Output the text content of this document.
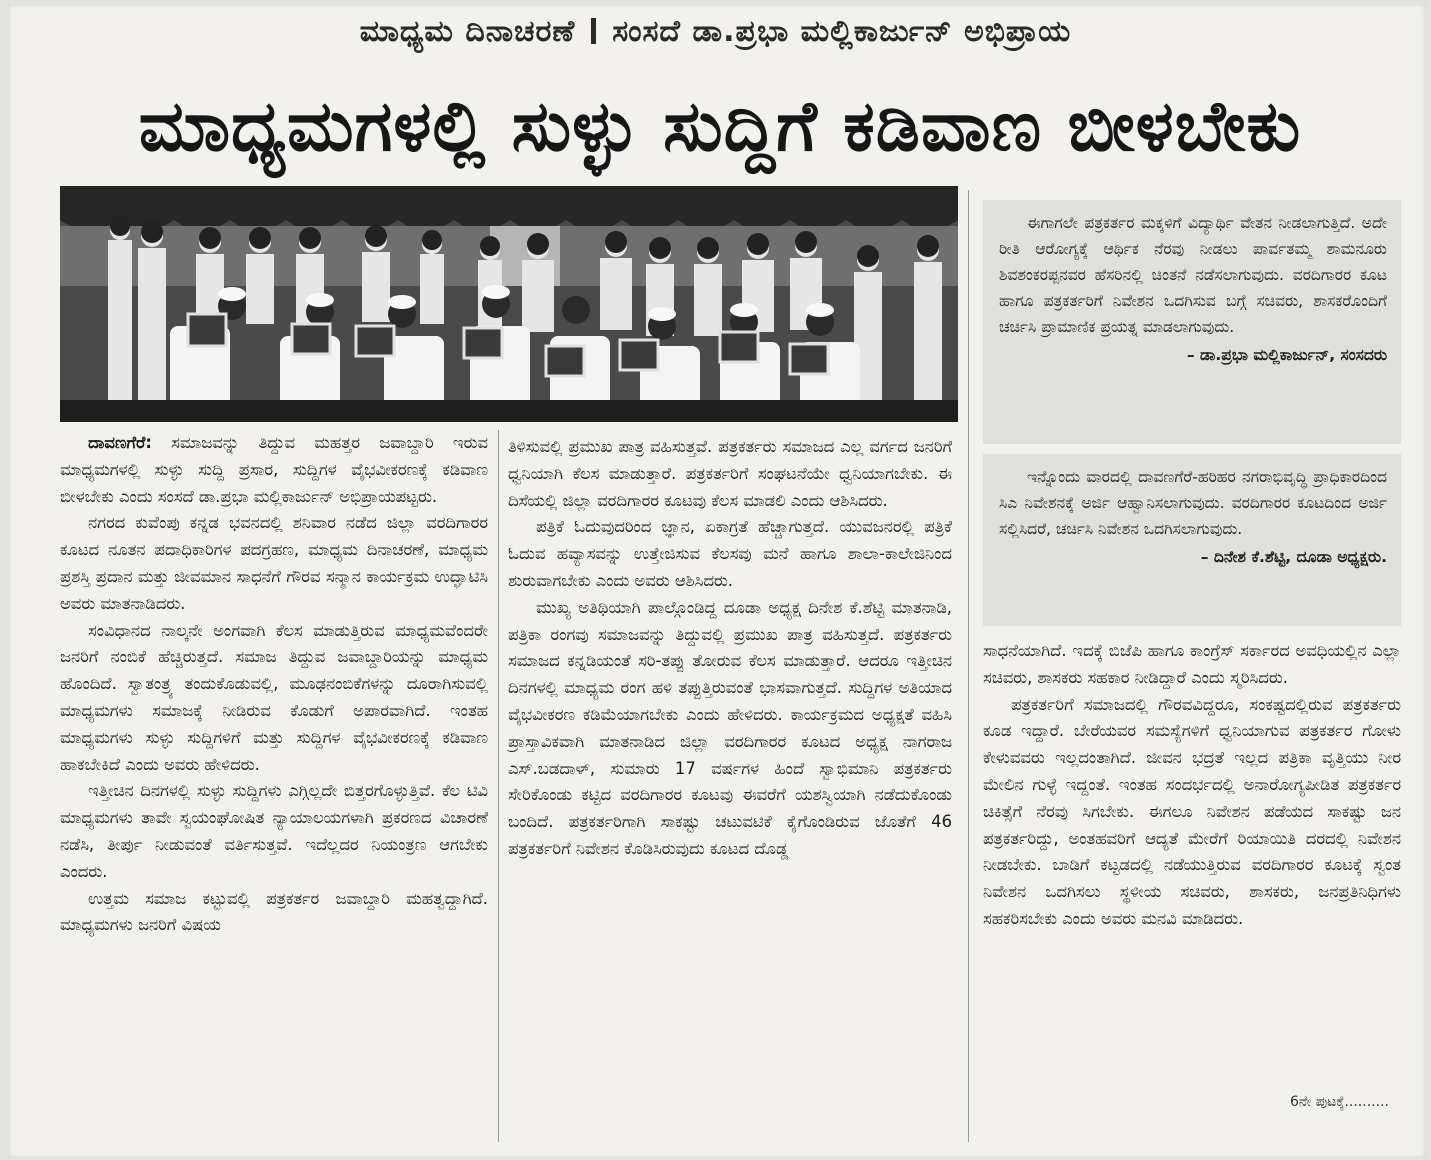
ಮಾಧ್ಯಮ ದಿನಾಚರಣೆ ಸಂಸದೆ ಡಾ.ಪ್ರಭಾ ಮಲ್ಲಿಕಾರ್ಜುನ್ ಅಭಿಪ್ರಾಯ
ಮಾಧ್ಯಮಗಳಲ್ಲಿ ಸುಳ್ಳು ಸುದ್ದಿಗೆ ಕಡಿವಾಣ ಬೀಳಬೇಕು
ಈಗಾಗಲೇ ಪತ್ರಕರ್ತರ ಮಕ್ಕಳಿಗೆ ವಿದ್ಯಾರ್ಥಿ ವೇತನ ನೀಡಲಾಗುತ್ತಿದೆ. ಅದೇ ರೀತಿ ಆರೋಗ್ಯಕ್ಕೆ ಆರ್ಥಿಕ ನೆರವು ನೀಡಲು ಪಾರ್ವತಮ್ಮ ಶಾಮನೂರು ಶಿವಶಂಕರಪ್ಪನವರ ಹೆಸರಿನಲ್ಲಿ ಚಿಂತನೆ ನಡೆಸಲಾಗುವುದು. ವರದಿಗಾರರ ಕೂಟ ಹಾಗೂ ಪತ್ರಕರ್ತರಿಗೆ ನಿವೇಶನ ಒದಗಿಸುವ ಬಗ್ಗೆ ಸಚಿವರು, ಶಾಸಕರೊಂದಿಗೆ ಚರ್ಚಿಸಿ ಪ್ರಾಮಾಣಿಕ ಪ್ರಯತ್ನ ಮಾಡಲಾಗುವುದು.
– ಡಾ.ಪ್ರಭಾ ಮಲ್ಲಿಕಾರ್ಜುನ್, ಸಂಸದರು
ಇನ್ನೊಂದು ವಾರದಲ್ಲಿ ದಾವಣಗೆರೆ-ಹರಿಹರ ನಗರಾಭಿವೃದ್ಧಿ ಪ್ರಾಧಿಕಾರದಿಂದ ಸಿಎ ನಿವೇಶನಕ್ಕೆ ಅರ್ಜಿ ಆಹ್ವಾನಿಸಲಾಗುವುದು. ವರದಿಗಾರರ ಕೂಟದಿಂದ ಅರ್ಜಿ ಸಲ್ಲಿಸಿದರೆ, ಚರ್ಚಿಸಿ ನಿವೇಶನ ಒದಗಿಸಲಾಗುವುದು.
– ದಿನೇಶ ಕೆ.ಶೆಟ್ಟಿ, ದೂಡಾ ಅಧ್ಯಕ್ಷರು.

ದಾವಣಗೆರೆ: ಸಮಾಜವನ್ನು ತಿದ್ದುವ ಮಹತ್ತರ ಜವಾಬ್ದಾರಿ ಇರುವ ಮಾಧ್ಯಮಗಳಲ್ಲಿ ಸುಳ್ಳು ಸುದ್ದಿ ಪ್ರಸಾರ, ಸುದ್ದಿಗಳ ವೈಭವೀಕರಣಕ್ಕೆ ಕಡಿವಾಣ ಬೀಳಬೇಕು ಎಂದು ಸಂಸದೆ ಡಾ.ಪ್ರಭಾ ಮಲ್ಲಿಕಾರ್ಜುನ್ ಅಭಿಪ್ರಾಯಪಟ್ಟರು.

ನಗರದ ಕುವೆಂಪು ಕನ್ನಡ ಭವನದಲ್ಲಿ ಶನಿವಾರ ನಡೆದ ಜಿಲ್ಲಾ ವರದಿಗಾರರ ಕೂಟದ ನೂತನ ಪದಾಧಿಕಾರಿಗಳ ಪದಗ್ರಹಣ, ಮಾಧ್ಯಮ ದಿನಾಚರಣೆ, ಮಾಧ್ಯಮ ಪ್ರಶಸ್ತಿ ಪ್ರದಾನ ಮತ್ತು ಜೀವಮಾನ ಸಾಧನೆಗೆ ಗೌರವ ಸನ್ಮಾನ ಕಾರ್ಯಕ್ರಮ ಉದ್ಘಾಟಿಸಿ ಅವರು ಮಾತನಾಡಿದರು.

ಸಂವಿಧಾನದ ನಾಲ್ಕನೇ ಅಂಗವಾಗಿ ಕೆಲಸ ಮಾಡುತ್ತಿರುವ ಮಾಧ್ಯಮವೆಂದರೇ ಜನರಿಗೆ ನಂಬಿಕೆ ಹೆಚ್ಚಿರುತ್ತದೆ. ಸಮಾಜ ತಿದ್ದುವ ಜವಾಬ್ದಾರಿಯನ್ನು ಮಾಧ್ಯಮ ಹೊಂದಿದೆ. ಸ್ವಾತಂತ್ರ್ಯ ತಂದುಕೊಡುವಲ್ಲಿ, ಮೂಢನಂಬಿಕೆಗಳನ್ನು ದೂರಾಗಿಸುವಲ್ಲಿ ಮಾಧ್ಯಮಗಳು ಸಮಾಜಕ್ಕೆ ನೀಡಿರುವ ಕೊಡುಗೆ ಅಪಾರವಾಗಿದೆ. ಇಂತಹ ಮಾಧ್ಯಮಗಳು ಸುಳ್ಳು ಸುದ್ದಿಗಳಿಗೆ ಮತ್ತು ಸುದ್ದಿಗಳ ವೈಭವೀಕರಣಕ್ಕೆ ಕಡಿವಾಣ ಹಾಕಬೇಕಿದೆ ಎಂದು ಅವರು ಹೇಳಿದರು.

ಇತ್ತೀಚಿನ ದಿನಗಳಲ್ಲಿ ಸುಳ್ಳು ಸುದ್ದಿಗಳು ಎಗ್ಗಿಲ್ಲದೇ ಬಿತ್ತರಗೊಳ್ಳುತ್ತಿವೆ. ಕೆಲ ಟಿವಿ ಮಾಧ್ಯಮಗಳು ತಾವೇ ಸ್ವಯಂಘೋಷಿತ ನ್ಯಾಯಾಲಯಗಳಾಗಿ ಪ್ರಕರಣದ ವಿಚಾರಣೆ ನಡೆಸಿ, ತೀರ್ಪು ನೀಡುವಂತೆ ವರ್ತಿಸುತ್ತವೆ. ಇದೆಲ್ಲದರ ನಿಯಂತ್ರಣ ಆಗಬೇಕು ಎಂದರು.

ಉತ್ತಮ ಸಮಾಜ ಕಟ್ಟುವಲ್ಲಿ ಪತ್ರಕರ್ತರ ಜವಾಬ್ದಾರಿ ಮಹತ್ವದ್ದಾಗಿದೆ. ಮಾಧ್ಯಮಗಳು ಜನರಿಗೆ ವಿಷಯ

ತಿಳಿಸುವಲ್ಲಿ ಪ್ರಮುಖ ಪಾತ್ರ ವಹಿಸುತ್ತವೆ. ಪತ್ರಕರ್ತರು ಸಮಾಜದ ಎಲ್ಲ ವರ್ಗದ ಜನರಿಗೆ ಧ್ವನಿಯಾಗಿ ಕೆಲಸ ಮಾಡುತ್ತಾರೆ. ಪತ್ರಕರ್ತರಿಗೆ ಸಂಘಟನೆಯೇ ಧ್ವನಿಯಾಗಬೇಕು. ಈ ದಿಸೆಯಲ್ಲಿ ಜಿಲ್ಲಾ ವರದಿಗಾರರ ಕೂಟವು ಕೆಲಸ ಮಾಡಲಿ ಎಂದು ಆಶಿಸಿದರು.

ಪತ್ರಿಕೆ ಓದುವುದರಿಂದ ಜ್ಞಾನ, ಏಕಾಗ್ರತೆ ಹೆಚ್ಚಾಗುತ್ತದೆ. ಯುವಜನರಲ್ಲಿ ಪತ್ರಿಕೆ ಓದುವ ಹವ್ಯಾಸವನ್ನು ಉತ್ತೇಜಿಸುವ ಕೆಲಸವು ಮನೆ ಹಾಗೂ ಶಾಲಾ-ಕಾಲೇಜಿನಿಂದ ಶುರುವಾಗಬೇಕು ಎಂದು ಅವರು ಆಶಿಸಿದರು.

ಮುಖ್ಯ ಅತಿಥಿಯಾಗಿ ಪಾಲ್ಗೊಂಡಿದ್ದ ದೂಡಾ ಅಧ್ಯಕ್ಷ ದಿನೇಶ ಕೆ.ಶೆಟ್ಟಿ ಮಾತನಾಡಿ, ಪತ್ರಿಕಾ ರಂಗವು ಸಮಾಜವನ್ನು ತಿದ್ದುವಲ್ಲಿ ಪ್ರಮುಖ ಪಾತ್ರ ವಹಿಸುತ್ತದೆ. ಪತ್ರಕರ್ತರು ಸಮಾಜದ ಕನ್ನಡಿಯಂತೆ ಸರಿ-ತಪ್ಪು ತೋರುವ ಕೆಲಸ ಮಾಡುತ್ತಾರೆ. ಆದರೂ ಇತ್ತೀಚಿನ ದಿನಗಳಲ್ಲಿ ಮಾಧ್ಯಮ ರಂಗ ಹಳಿ ತಪ್ಪುತ್ತಿರುವಂತೆ ಭಾಸವಾಗುತ್ತದೆ. ಸುದ್ದಿಗಳ ಅತಿಯಾದ ವೈಭವೀಕರಣ ಕಡಿಮೆಯಾಗಬೇಕು ಎಂದು ಹೇಳಿದರು. ಕಾರ್ಯಕ್ರಮದ ಅಧ್ಯಕ್ಷತೆ ವಹಿಸಿ ಪ್ರಾಸ್ತಾವಿಕವಾಗಿ ಮಾತನಾಡಿದ ಜಿಲ್ಲಾ ವರದಿಗಾರರ ಕೂಟದ ಅಧ್ಯಕ್ಷ ನಾಗರಾಜ ಎಸ್.ಬಡದಾಳ್, ಸುಮಾರು 17 ವರ್ಷಗಳ ಹಿಂದೆ ಸ್ವಾಭಿಮಾನಿ ಪತ್ರಕರ್ತರು ಸೇರಿಕೊಂಡು ಕಟ್ಟಿದ ವರದಿಗಾರರ ಕೂಟವು ಈವರೆಗೆ ಯಶಸ್ವಿಯಾಗಿ ನಡೆದುಕೊಂಡು ಬಂದಿದೆ. ಪತ್ರಕರ್ತರಿಗಾಗಿ ಸಾಕಷ್ಟು ಚಟುವಟಿಕೆ ಕೈಗೊಂಡಿರುವ ಜೊತೆಗೆ 46 ಪತ್ರಕರ್ತರಿಗೆ ನಿವೇಶನ ಕೊಡಿಸಿರುವುದು ಕೂಟದ ದೊಡ್ಡ

ಸಾಧನೆಯಾಗಿದೆ. ಇದಕ್ಕೆ ಬಿಜೆಪಿ ಹಾಗೂ ಕಾಂಗ್ರೆಸ್ ಸರ್ಕಾರದ ಅವಧಿಯಲ್ಲಿನ ಎಲ್ಲಾ ಸಚಿವರು, ಶಾಸಕರು ಸಹಕಾರ ನೀಡಿದ್ದಾರೆ ಎಂದು ಸ್ಮರಿಸಿದರು.

ಪತ್ರಕರ್ತರಿಗೆ ಸಮಾಜದಲ್ಲಿ ಗೌರವವಿದ್ದರೂ, ಸಂಕಷ್ಟದಲ್ಲಿರುವ ಪತ್ರಕರ್ತರು ಕೂಡ ಇದ್ದಾರೆ. ಬೇರೆಯವರ ಸಮಸ್ಯೆಗಳಿಗೆ ಧ್ವನಿಯಾಗುವ ಪತ್ರಕರ್ತರ ಗೋಳು ಕೇಳುವವರು ಇಲ್ಲದಂತಾಗಿದೆ. ಜೀವನ ಭದ್ರತೆ ಇಲ್ಲದ ಪತ್ರಿಕಾ ವೃತ್ತಿಯು ನೀರ ಮೇಲಿನ ಗುಳ್ಳೆ ಇದ್ದಂತೆ. ಇಂತಹ ಸಂದರ್ಭದಲ್ಲಿ ಅನಾರೋಗ್ಯಪೀಡಿತ ಪತ್ರಕರ್ತರ ಚಿಕಿತ್ಸೆಗೆ ನೆರವು ಸಿಗಬೇಕು. ಈಗಲೂ ನಿವೇಶನ ಪಡೆಯದ ಸಾಕಷ್ಟು ಜನ ಪತ್ರಕರ್ತರಿದ್ದು, ಅಂತಹವರಿಗೆ ಆದ್ಯತೆ ಮೇರೆಗೆ ರಿಯಾಯಿತಿ ದರದಲ್ಲಿ ನಿವೇಶನ ನೀಡಬೇಕು. ಬಾಡಿಗೆ ಕಟ್ಟಡದಲ್ಲಿ ನಡೆಯುತ್ತಿರುವ ವರದಿಗಾರರ ಕೂಟಕ್ಕೆ ಸ್ವಂತ ನಿವೇಶನ ಒದಗಿಸಲು ಸ್ಥಳೀಯ ಸಚಿವರು, ಶಾಸಕರು, ಜನಪ್ರತಿನಿಧಿಗಳು ಸಹಕರಿಸಬೇಕು ಎಂದು ಅವರು ಮನವಿ ಮಾಡಿದರು.

6ನೇ ಪುಟಕ್ಕೆ..........
